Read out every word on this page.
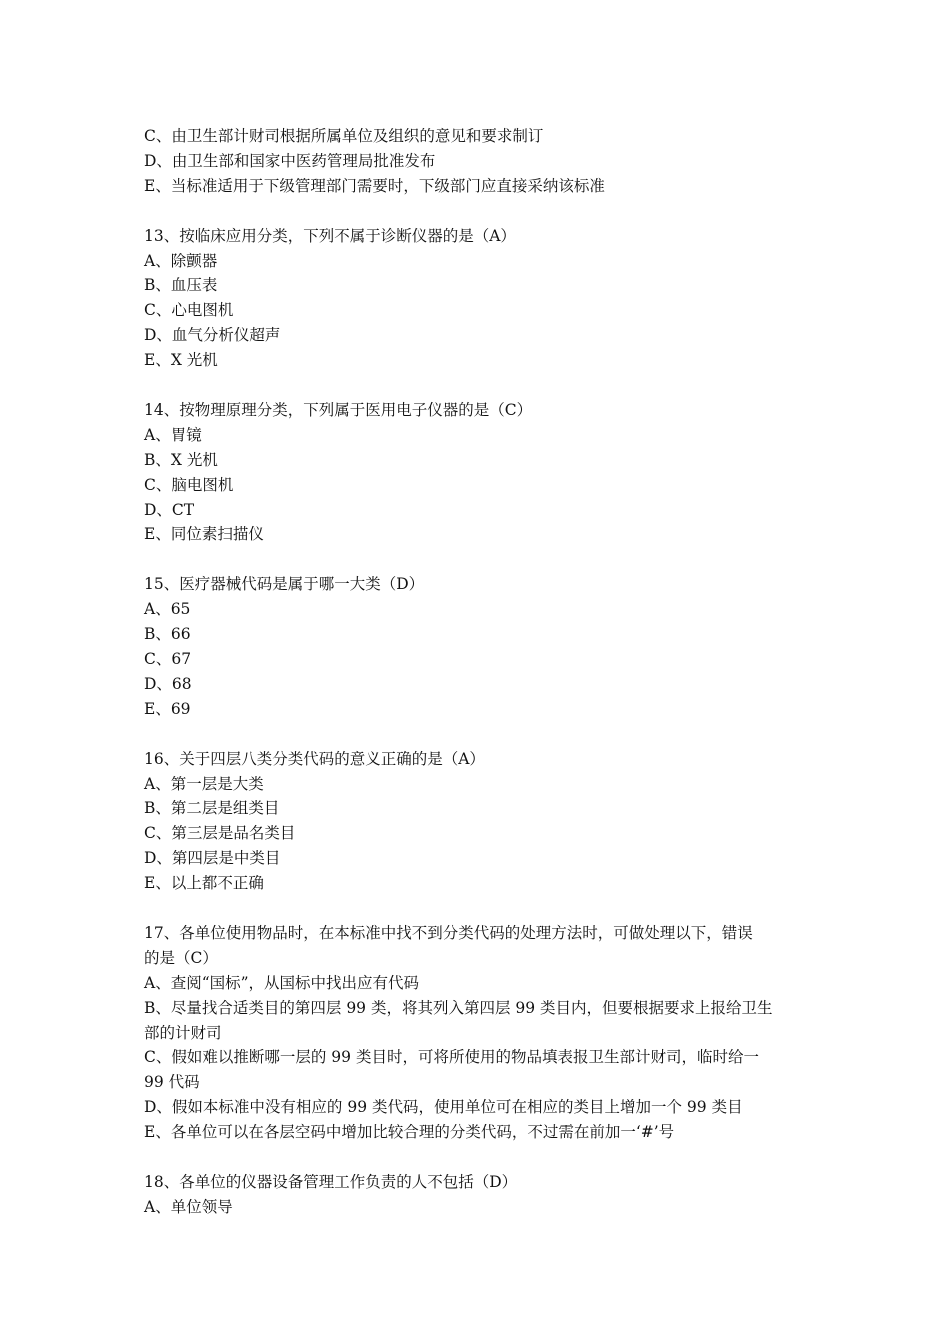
C、由卫生部计财司根据所属单位及组织的意见和要求制订
D、由卫生部和国家中医药管理局批准发布
E、当标准适用于下级管理部门需要时，下级部门应直接采纳该标准
13、按临床应用分类，下列不属于诊断仪器的是（A）
A、除颤器
B、血压表
C、心电图机
D、血气分析仪超声
E、X 光机
14、按物理原理分类，下列属于医用电子仪器的是（C）
A、胃镜
B、X 光机
C、脑电图机
D、CT
E、同位素扫描仪
15、医疗器械代码是属于哪一大类（D）
A、65
B、66
C、67
D、68
E、69
16、关于四层八类分类代码的意义正确的是（A）
A、第一层是大类
B、第二层是组类目
C、第三层是品名类目
D、第四层是中类目
E、以上都不正确
17、各单位使用物品时，在本标准中找不到分类代码的处理方法时，可做处理以下，错误
的是（C）
A、查阅“国标”，从国标中找出应有代码
B、尽量找合适类目的第四层 99 类，将其列入第四层 99 类目内，但要根据要求上报给卫生
部的计财司
C、假如难以推断哪一层的 99 类目时，可将所使用的物品填表报卫生部计财司，临时给一
99 代码
D、假如本标准中没有相应的 99 类代码，使用单位可在相应的类目上增加一个 99 类目
E、各单位可以在各层空码中增加比较合理的分类代码，不过需在前加一‘#’号
18、各单位的仪器设备管理工作负责的人不包括（D）
A、单位领导
